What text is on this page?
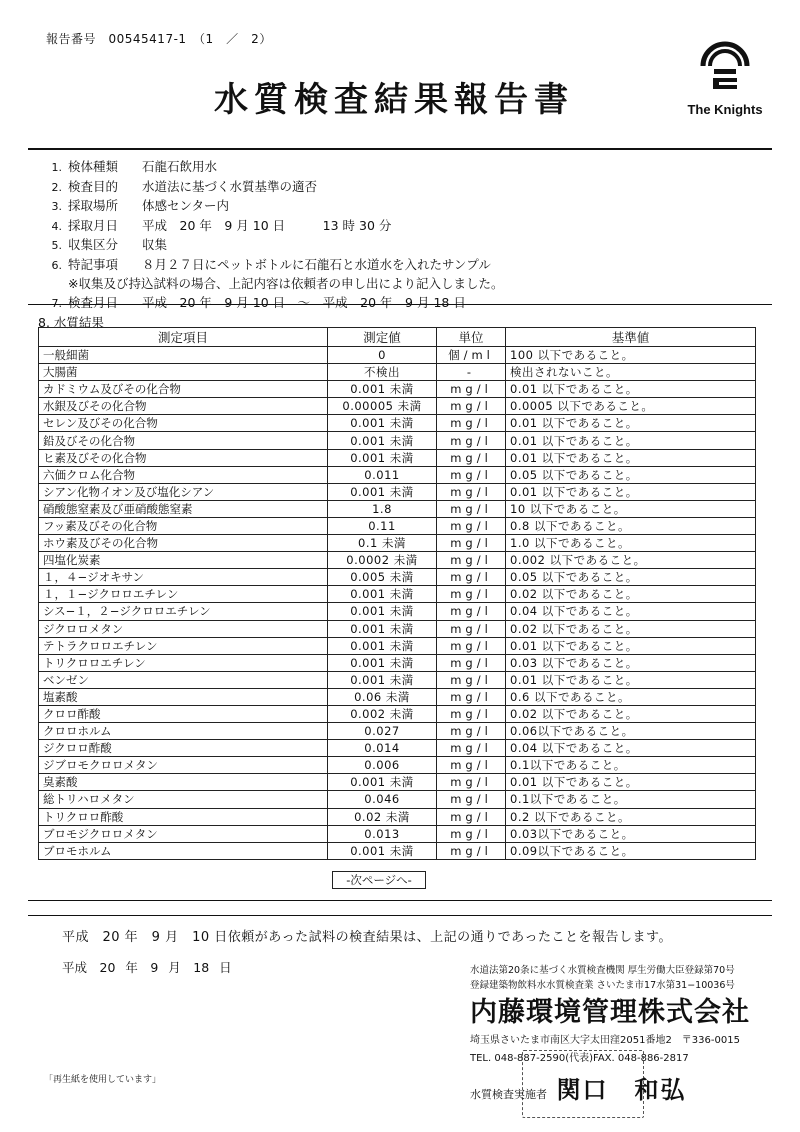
報告番号　00545417-1　（1　／　2）
水質検査結果報告書	The Knights
1. 検体種類 石龍石飲用水
2. 検査目的 水道法に基づく水質基準の適否
3. 採取場所 体感センター内
4. 採取月日 平成　20 年　9 月 10 日　　　13 時 30 分
5. 収集区分 収集
6. 特記事項 ８月２７日にペットボトルに石龍石と水道水を入れたサンプル
※収集及び持込試料の場合、上記内容は依頼者の申し出により記入しました。
7. 検査月日 平成　20 年　9 月 10 日　〜　平成　20 年　9 月 18 日
8. 水質結果
測定項目	測定値	単位	基準値
一般細菌	0	個/ml	100 以下であること。
大腸菌	不検出	-	検出されないこと。
カドミウム及びその化合物	0.001 未満	mg/l	0.01 以下であること。
水銀及びその化合物	0.00005 未満	mg/l	0.0005 以下であること。
セレン及びその化合物	0.001 未満	mg/l	0.01 以下であること。
鉛及びその化合物	0.001 未満	mg/l	0.01 以下であること。
ヒ素及びその化合物	0.001 未満	mg/l	0.01 以下であること。
六価クロム化合物	0.011	mg/l	0.05 以下であること。
シアン化物イオン及び塩化シアン	0.001 未満	mg/l	0.01 以下であること。
硝酸態窒素及び亜硝酸態窒素	1.8	mg/l	10 以下であること。
フッ素及びその化合物	0.11	mg/l	0.8 以下であること。
ホウ素及びその化合物	0.1 未満	mg/l	1.0 以下であること。
四塩化炭素	0.0002 未満	mg/l	0.002 以下であること。
１，４−ジオキサン	0.005 未満	mg/l	0.05 以下であること。
１，１−ジクロロエチレン	0.001 未満	mg/l	0.02 以下であること。
シス−１，２−ジクロロエチレン	0.001 未満	mg/l	0.04 以下であること。
ジクロロメタン	0.001 未満	mg/l	0.02 以下であること。
テトラクロロエチレン	0.001 未満	mg/l	0.01 以下であること。
トリクロロエチレン	0.001 未満	mg/l	0.03 以下であること。
ベンゼン	0.001 未満	mg/l	0.01 以下であること。
塩素酸	0.06 未満	mg/l	0.6 以下であること。
クロロ酢酸	0.002 未満	mg/l	0.02 以下であること。
クロロホルム	0.027	mg/l	0.06以下であること。
ジクロロ酢酸	0.014	mg/l	0.04 以下であること。
ジブロモクロロメタン	0.006	mg/l	0.1以下であること。
臭素酸	0.001 未満	mg/l	0.01 以下であること。
総トリハロメタン	0.046	mg/l	0.1以下であること。
トリクロロ酢酸	0.02 未満	mg/l	0.2 以下であること。
ブロモジクロロメタン	0.013	mg/l	0.03以下であること。
ブロモホルム	0.001 未満	mg/l	0.09以下であること。
-次ページへ-
平成　20 年　9 月　10 日依頼があった試料の検査結果は、上記の通りであったことを報告します。
平成　20 年　9 月　18 日	水道法第20条に基づく水質検査機関 厚生労働大臣登録第70号
登録建築物飲料水水質検査業 さいたま市17水第31−10036号
内藤環境管理株式会社
埼玉県さいたま市南区大字太田窪2051番地2　〒336-0015
TEL. 048-887-2590(代表)FAX. 048-886-2817
水質検査実施者 関口　和弘
「再生紙を使用しています」
